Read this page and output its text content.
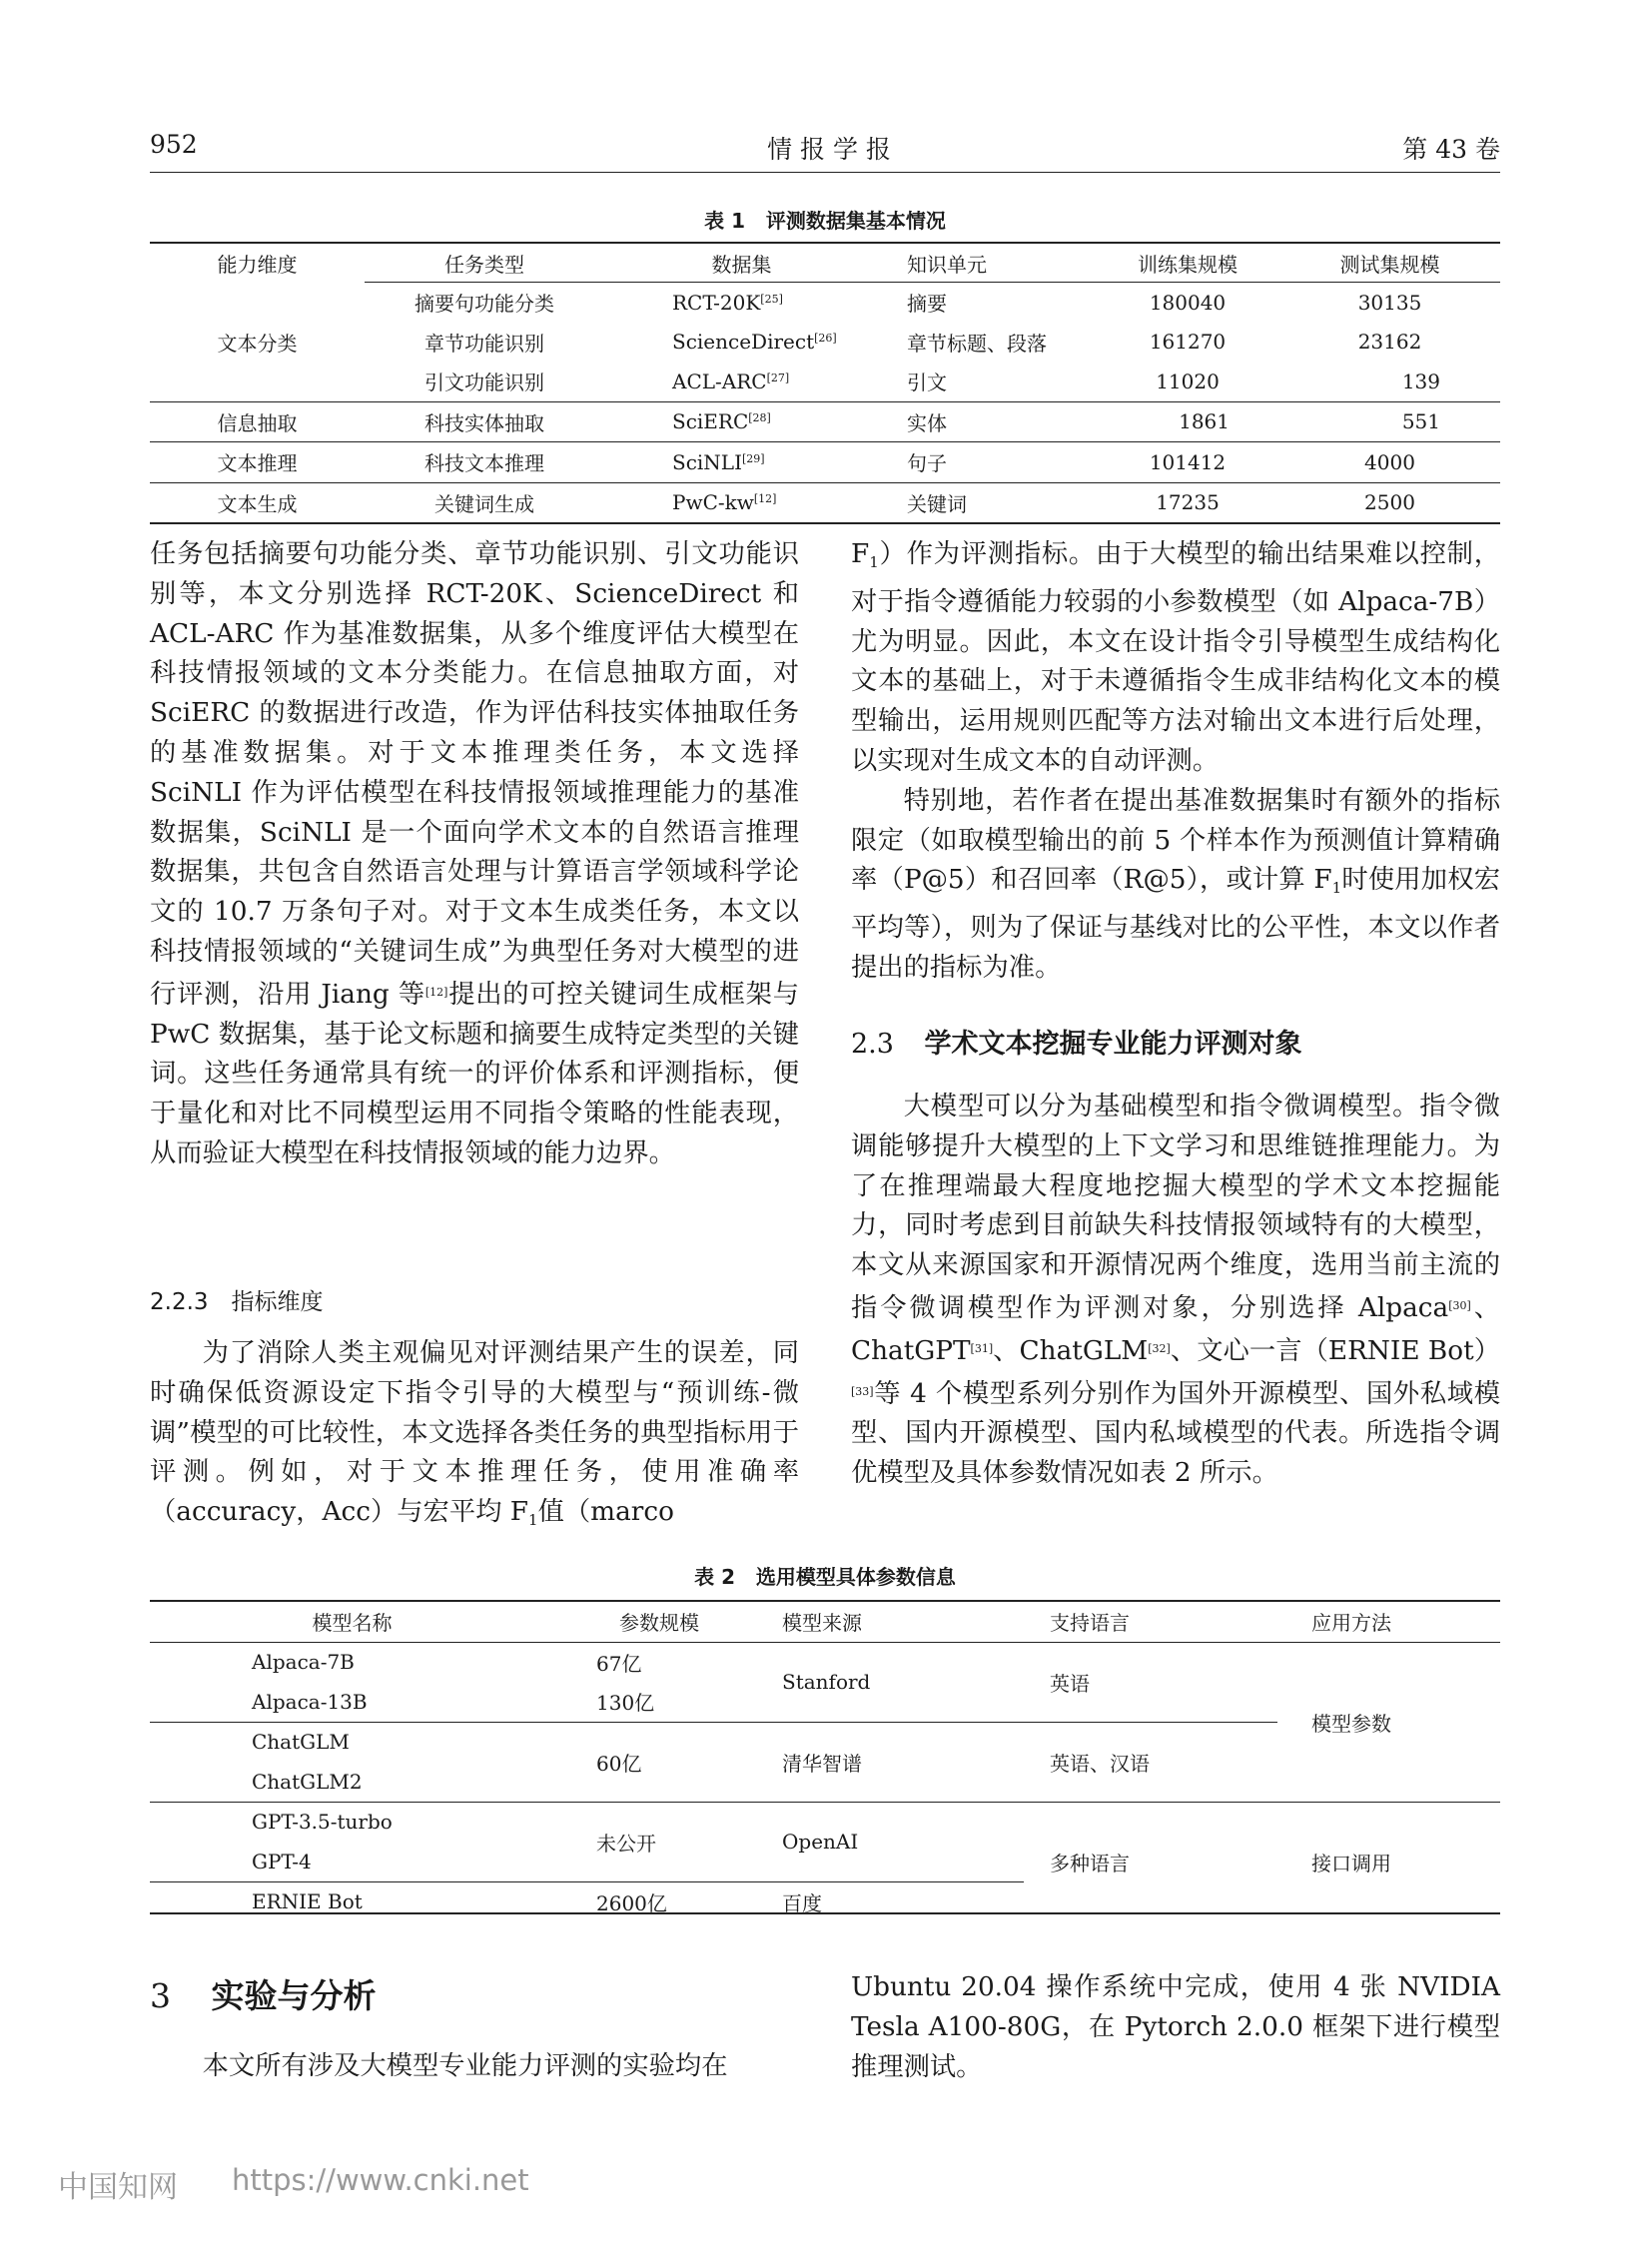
952	情 报 学 报	第 43 卷
表 1   评测数据集基本情况
能力维度	任务类型	数据集	知识单元	训练集规模	测试集规模
文本分类	摘要句功能分类	RCT-20K[25]	摘要	180040	30135
	章节功能识别	ScienceDirect[26]	章节标题、段落	161270	23162
	引文功能识别	ACL-ARC[27]	引文	11020	139
信息抽取	科技实体抽取	SciERC[28]	实体	1861	551
文本推理	科技文本推理	SciNLI[29]	句子	101412	4000
文本生成	关键词生成	PwC-kw[12]	关键词	17235	2500

任务包括摘要句功能分类、章节功能识别、引文功能识别等，本文分别选择 RCT-20K、ScienceDirect 和 ACL-ARC 作为基准数据集，从多个维度评估大模型在科技情报领域的文本分类能力。在信息抽取方面，对 SciERC 的数据进行改造，作为评估科技实体抽取任务的基准数据集。对于文本推理类任务，本文选择 SciNLI 作为评估模型在科技情报领域推理能力的基准数据集，SciNLI 是一个面向学术文本的自然语言推理数据集，共包含自然语言处理与计算语言学领域科学论文的 10.7 万条句子对。对于文本生成类任务，本文以科技情报领域的“关键词生成”为典型任务对大模型的进行评测，沿用 Jiang 等[12]提出的可控关键词生成框架与 PwC 数据集，基于论文标题和摘要生成特定类型的关键词。这些任务通常具有统一的评价体系和评测指标，便于量化和对比不同模型运用不同指令策略的性能表现，从而验证大模型在科技情报领域的能力边界。

2.2.3　指标维度

为了消除人类主观偏见对评测结果产生的误差，同时确保低资源设定下指令引导的大模型与“预训练-微调”模型的可比较性，本文选择各类任务的典型指标用于评测。例如，对于文本推理任务，使用准确率（accuracy，Acc）与宏平均 $F_1$值（marco

$F_1$）作为评测指标。由于大模型的输出结果难以控制，对于指令遵循能力较弱的小参数模型（如 Alpaca-7B）尤为明显。因此，本文在设计指令引导模型生成结构化文本的基础上，对于未遵循指令生成非结构化文本的模型输出，运用规则匹配等方法对输出文本进行后处理，以实现对生成文本的自动评测。

特别地，若作者在提出基准数据集时有额外的指标限定（如取模型输出的前 5 个样本作为预测值计算精确率（P@5）和召回率（R@5），或计算 $F_1$时使用加权宏平均等），则为了保证与基线对比的公平性，本文以作者提出的指标为准。

2.3 学术文本挖掘专业能力评测对象

大模型可以分为基础模型和指令微调模型。指令微调能够提升大模型的上下文学习和思维链推理能力。为了在推理端最大程度地挖掘大模型的学术文本挖掘能力，同时考虑到目前缺失科技情报领域特有的大模型，本文从来源国家和开源情况两个维度，选用当前主流的指令微调模型作为评测对象，分别选择 Alpaca[30]、ChatGPT[31]、ChatGLM[32]、文心一言（ERNIE Bot）[33]等 4 个模型系列分别作为国外开源模型、国外私域模型、国内开源模型、国内私域模型的代表。所选指令调优模型及具体参数情况如表 2 所示。

表 2   选用模型具体参数信息
模型名称	参数规模	模型来源	支持语言	应用方法
Alpaca-7B	67亿	Stanford	英语	模型参数
Alpaca-13B	130亿			
ChatGLM	60亿	清华智谱	英语、汉语	
ChatGLM2				
GPT-3.5-turbo	未公开	OpenAI	多种语言	接口调用
GPT-4				
ERNIE Bot	2600亿	百度		
3 实验与分析

本文所有涉及大模型专业能力评测的实验均在

Ubuntu 20.04 操作系统中完成，使用 4 张 NVIDIA Tesla A100-80G，在 Pytorch 2.0.0 框架下进行模型推理测试。

中国知网 https://www.cnki.net
